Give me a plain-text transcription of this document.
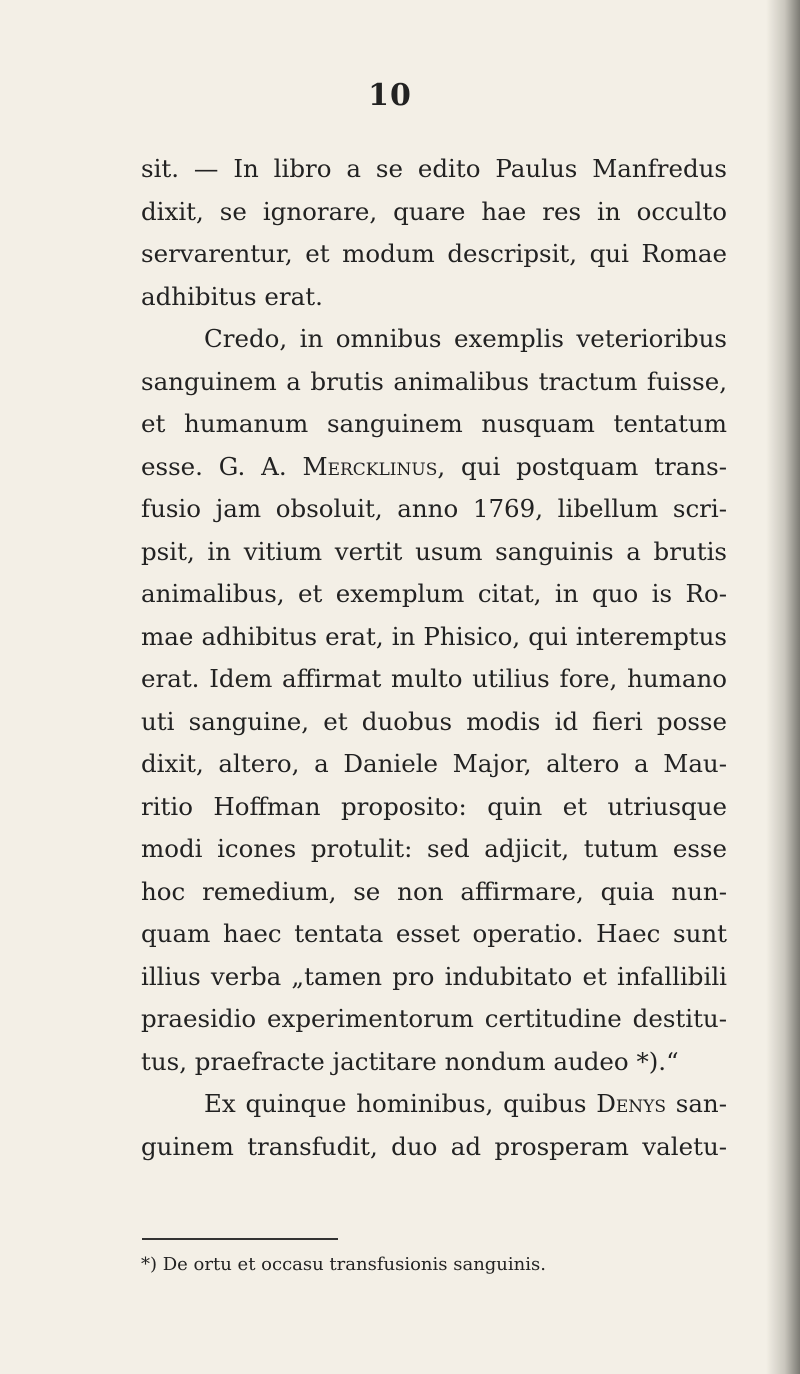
10
sit. — In libro a se edito Paulus Manfredus
dixit, se ignorare, quare hae res in occulto
servarentur, et modum descripsit, qui Romae
adhibitus erat.
Credo, in omnibus exemplis veterioribus
sanguinem a brutis animalibus tractum fuisse,
et humanum sanguinem nusquam tentatum
esse. G. A. Mercklinus, qui postquam trans-
fusio jam obsoluit, anno 1769, libellum scri-
psit, in vitium vertit usum sanguinis a brutis
animalibus, et exemplum citat, in quo is Ro-
mae adhibitus erat, in Phisico, qui interemptus
erat. Idem affirmat multo utilius fore, humano
uti sanguine, et duobus modis id fieri posse
dixit, altero, a Daniele Major, altero a Mau-
ritio Hoffman proposito: quin et utriusque
modi icones protulit: sed adjicit, tutum esse
hoc remedium, se non affirmare, quia nun-
quam haec tentata esset operatio. Haec sunt
illius verba „tamen pro indubitato et infallibili
praesidio experimentorum certitudine destitu-
tus, praefracte jactitare nondum audeo *).“
Ex quinque hominibus, quibus Denys san-
guinem transfudit, duo ad prosperam valetu-
*) De ortu et occasu transfusionis sanguinis.
